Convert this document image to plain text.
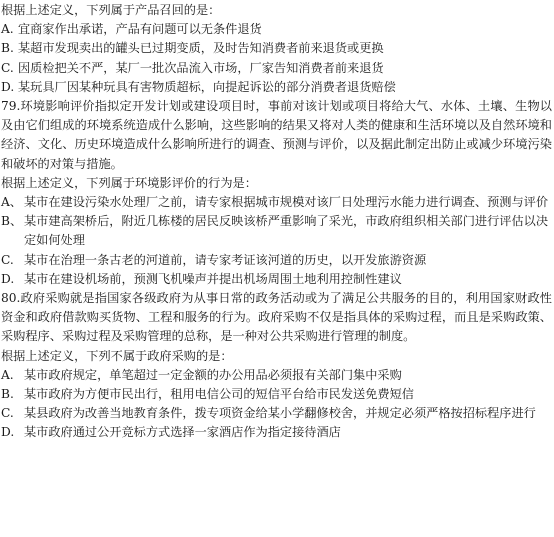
根据上述定义，下列属于产品召回的是：
A. 宜商家作出承诺，产品有问题可以无条件退货
B. 某超市发现卖出的罐头已过期变质，及时告知消费者前来退货或更换
C. 因质检把关不严，某厂一批次品流入市场，厂家告知消费者前来退货
D. 某玩具厂因某种玩具有害物质超标，向提起诉讼的部分消费者退货赔偿
79.环境影响评价指拟定开发计划或建设项目时，事前对该计划或项目将给大气、水体、土壤、生物以及由它们组成的环境系统造成什么影响，这些影响的结果又将对人类的健康和生活环境以及自然环境和经济、文化、历史环境造成什么影响所进行的调查、预测与评价，以及据此制定出防止或减少环境污染和破坏的对策与措施。
根据上述定义，下列属于环境影评价的行为是：
A、 某市在建设污染水处理厂之前，请专家根据城市规模对该厂日处理污水能力进行调查、预测与评价
B、 某市建高架桥后，附近几栋楼的居民反映该桥严重影响了采光，市政府组织相关部门进行评估以决定如何处理
C. 某市在治理一条古老的河道前，请专家考证该河道的历史，以开发旅游资源
D. 某市在建设机场前，预测飞机噪声并提出机场周围土地利用控制性建议
80.政府采购就是指国家各级政府为从事日常的政务活动或为了满足公共服务的目的，利用国家财政性资金和政府借款购买货物、工程和服务的行为。政府采购不仅是指具体的采购过程，而且是采购政策、采购程序、采购过程及采购管理的总称，是一种对公共采购进行管理的制度。
根据上述定义，下列不属于政府采购的是：
A. 某市政府规定，单笔超过一定金额的办公用品必须报有关部门集中采购
B. 某市政府为方便市民出行，租用电信公司的短信平台给市民发送免费短信
C. 某县政府为改善当地教育条件，拨专项资金给某小学翻修校舍，并规定必须严格按招标程序进行
D. 某市政府通过公开竞标方式选择一家酒店作为指定接待酒店
